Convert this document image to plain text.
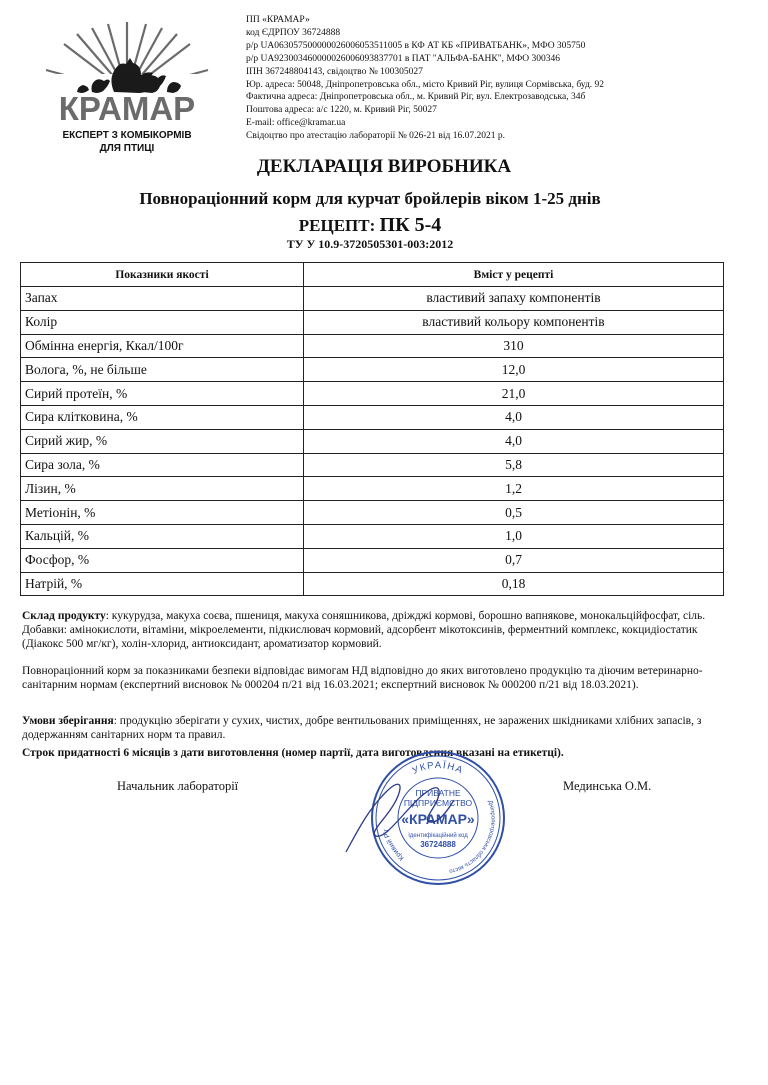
КРАМАР
ЕКСПЕРТ З КОМБІКОРМІВ
ДЛЯ ПТИЦІ
ПП «КРАМАР»
код ЄДРПОУ 36724888
р/р UA063057500000026006053511005 в КФ АТ КБ «ПРИВАТБАНК», МФО 305750
р/р UA923003460000026006093837701 в ПАТ "АЛЬФА-БАНК", МФО 300346
ІПН 367248804143, свідоцтво № 100305027
Юр. адреса: 50048, Дніпропетровська обл., місто Кривий Ріг, вулиця Сормівська, буд. 92
Фактична адреса: Дніпропетровська обл., м. Кривий Ріг, вул. Електрозаводська, 34б
Поштова адреса: а/с 1220, м. Кривий Ріг, 50027
E-mail: office@kramar.ua
Свідоцтво про атестацію лабораторії № 026-21 від 16.07.2021 р.
ДЕКЛАРАЦІЯ ВИРОБНИКА
Повнораціонний корм для курчат бройлерів віком 1-25 днів
РЕЦЕПТ: ПК 5-4
ТУ У 10.9-3720505301-003:2012
Показники якості	Вміст у рецепті
Запах	властивий запаху компонентів
Колір	властивий кольору компонентів
Обмінна енергія, Ккал/100г	310
Волога, %, не більше	12,0
Сирий протеїн, %	21,0
Сира клітковина, %	4,0
Сирий жир, %	4,0
Сира зола, %	5,8
Лізин, %	1,2
Метіонін, %	0,5
Кальцій, %	1,0
Фосфор, %	0,7
Натрій, %	0,18
Склад продукту: кукурудза, макуха соєва, пшениця, макуха соняшникова, дріжджі кормові, борошно вапнякове, монокальційфосфат, сіль. Добавки: амінокислоти, вітаміни, мікроелементи, підкислювач кормовий, адсорбент мікотоксинів, ферментний комплекс, кокцидіостатик (Діакокс 500 мг/кг), холін-хлорид, антиоксидант, ароматизатор кормовий.
Повнораціонний корм за показниками безпеки відповідає вимогам НД відповідно до яких виготовлено продукцію та діючим ветеринарно-санітарним нормам (експертний висновок № 000204 п/21 від 16.03.2021; експертний висновок № 000200 п/21 від 18.03.2021).
Умови зберігання: продукцію зберігати у сухих, чистих, добре вентильованих приміщеннях, не заражених шкідниками хлібних запасів, з додержанням санітарних норм та правил.
Строк придатності 6 місяців з дати виготовлення (номер партії, дата виготовлення вказані на етикетці).
Начальник лабораторії	Мединська О.М.
УКРАЇНА
Кривий Ріг
Дніпропетровська область місто
ПРИВАТНЕ
ПІДПРИЄМСТВО
«КРАМАР»
Ідентифікаційний код
36724888
